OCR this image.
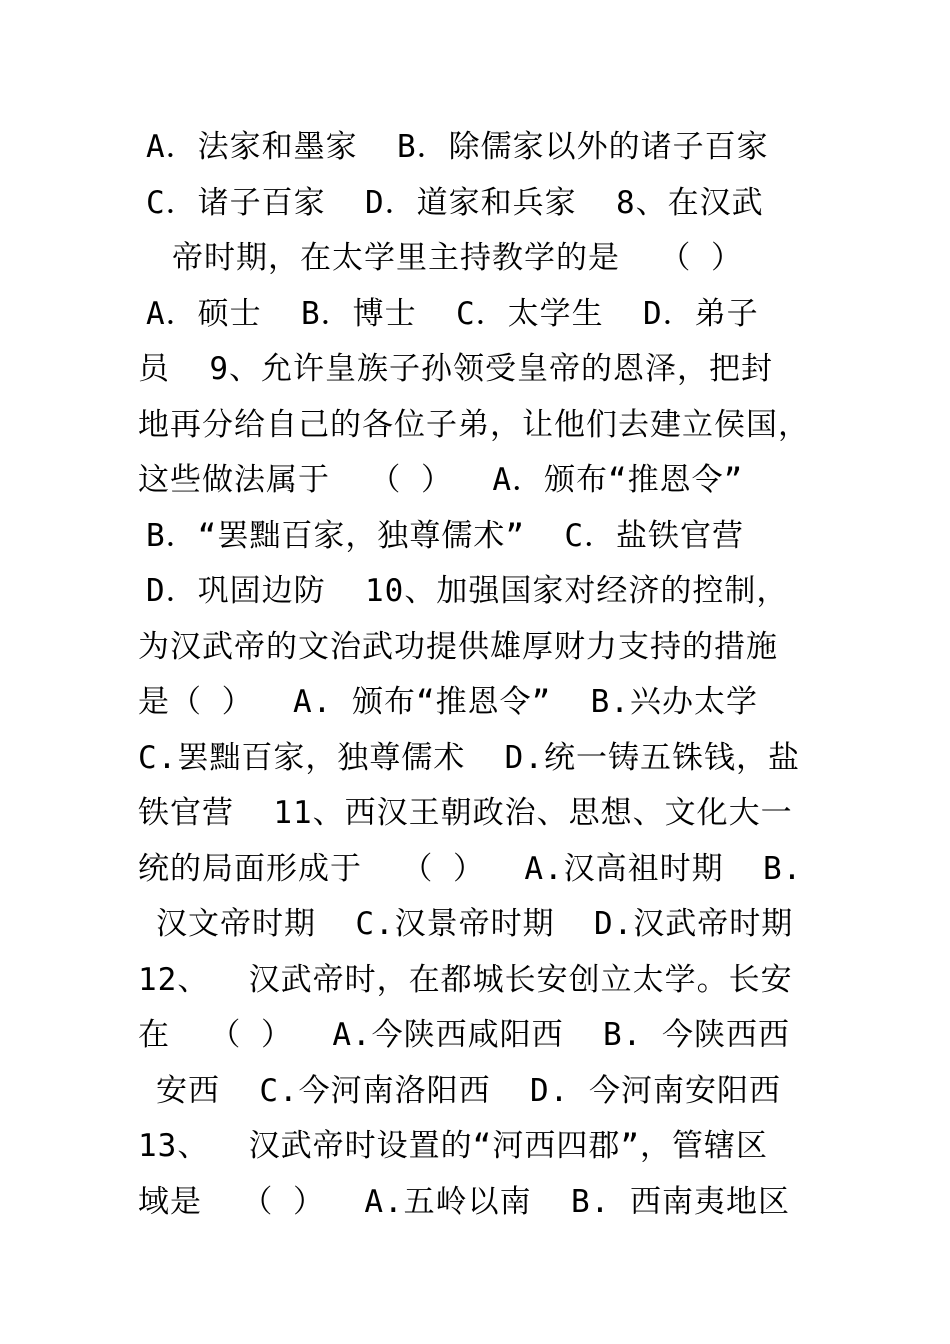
A．法家和墨家  B．除儒家以外的诸子百家
C．诸子百家  D．道家和兵家  8、在汉武
帝时期，在太学里主持教学的是  （ ）
A．硕士  B．博士  C．太学生  D．弟子
员  9、允许皇族子孙领受皇帝的恩泽，把封
地再分给自己的各位子弟，让他们去建立侯国，
这些做法属于  （ ）  A．颁布“推恩令”
B．“罢黜百家，独尊儒术”  C．盐铁官营
D．巩固边防  10、加强国家对经济的控制，
为汉武帝的文治武功提供雄厚财力支持的措施
是（ ）  A. 颁布“推恩令”  B.兴办太学
C.罢黜百家，独尊儒术  D.统一铸五铢钱，盐
铁官营  11、西汉王朝政治、思想、文化大一
统的局面形成于  （ ）  A.汉高祖时期  B.
汉文帝时期  C.汉景帝时期  D.汉武帝时期
12、  汉武帝时，在都城长安创立太学。长安
在  （ ）  A.今陕西咸阳西  B. 今陕西西
安西  C.今河南洛阳西  D. 今河南安阳西
13、  汉武帝时设置的“河西四郡”，管辖区
域是  （ ）  A.五岭以南  B. 西南夷地区
